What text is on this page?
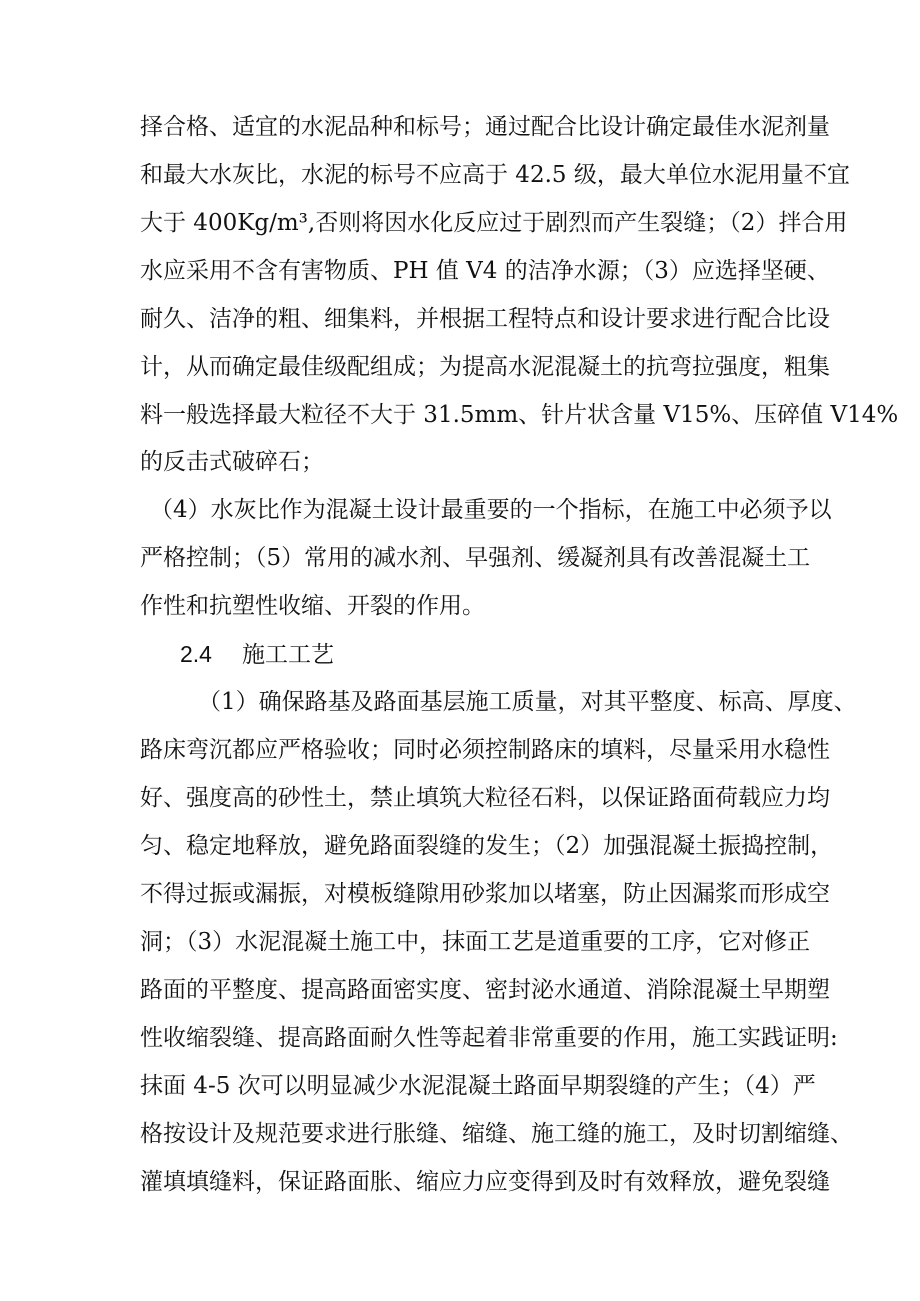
择合格、适宜的水泥品种和标号；通过配合比设计确定最佳水泥剂量
和最大水灰比，水泥的标号不应高于 42.5 级，最大单位水泥用量不宜
大于 400Kg/m³,否则将因水化反应过于剧烈而产生裂缝；（2）拌合用
水应采用不含有害物质、PH 值 V4 的洁净水源；（3）应选择坚硬、
耐久、洁净的粗、细集料，并根据工程特点和设计要求进行配合比设
计，从而确定最佳级配组成；为提高水泥混凝土的抗弯拉强度，粗集
料一般选择最大粒径不大于 31.5mm、针片状含量 V15%、压碎值 V14%
的反击式破碎石；
（4）水灰比作为混凝土设计最重要的一个指标，在施工中必须予以
严格控制；（5）常用的减水剂、早强剂、缓凝剂具有改善混凝土工
作性和抗塑性收缩、开裂的作用。
2.4 施工工艺
（1）确保路基及路面基层施工质量，对其平整度、标高、厚度、
路床弯沉都应严格验收；同时必须控制路床的填料，尽量采用水稳性
好、强度高的砂性土，禁止填筑大粒径石料，以保证路面荷载应力均
匀、稳定地释放，避免路面裂缝的发生；（2）加强混凝土振捣控制，
不得过振或漏振，对模板缝隙用砂浆加以堵塞，防止因漏浆而形成空
洞；（3）水泥混凝土施工中，抹面工艺是道重要的工序，它对修正
路面的平整度、提高路面密实度、密封泌水通道、消除混凝土早期塑
性收缩裂缝、提高路面耐久性等起着非常重要的作用，施工实践证明:
抹面 4-5 次可以明显减少水泥混凝土路面早期裂缝的产生；（4）严
格按设计及规范要求进行胀缝、缩缝、施工缝的施工，及时切割缩缝、
灌填填缝料，保证路面胀、缩应力应变得到及时有效释放，避免裂缝
